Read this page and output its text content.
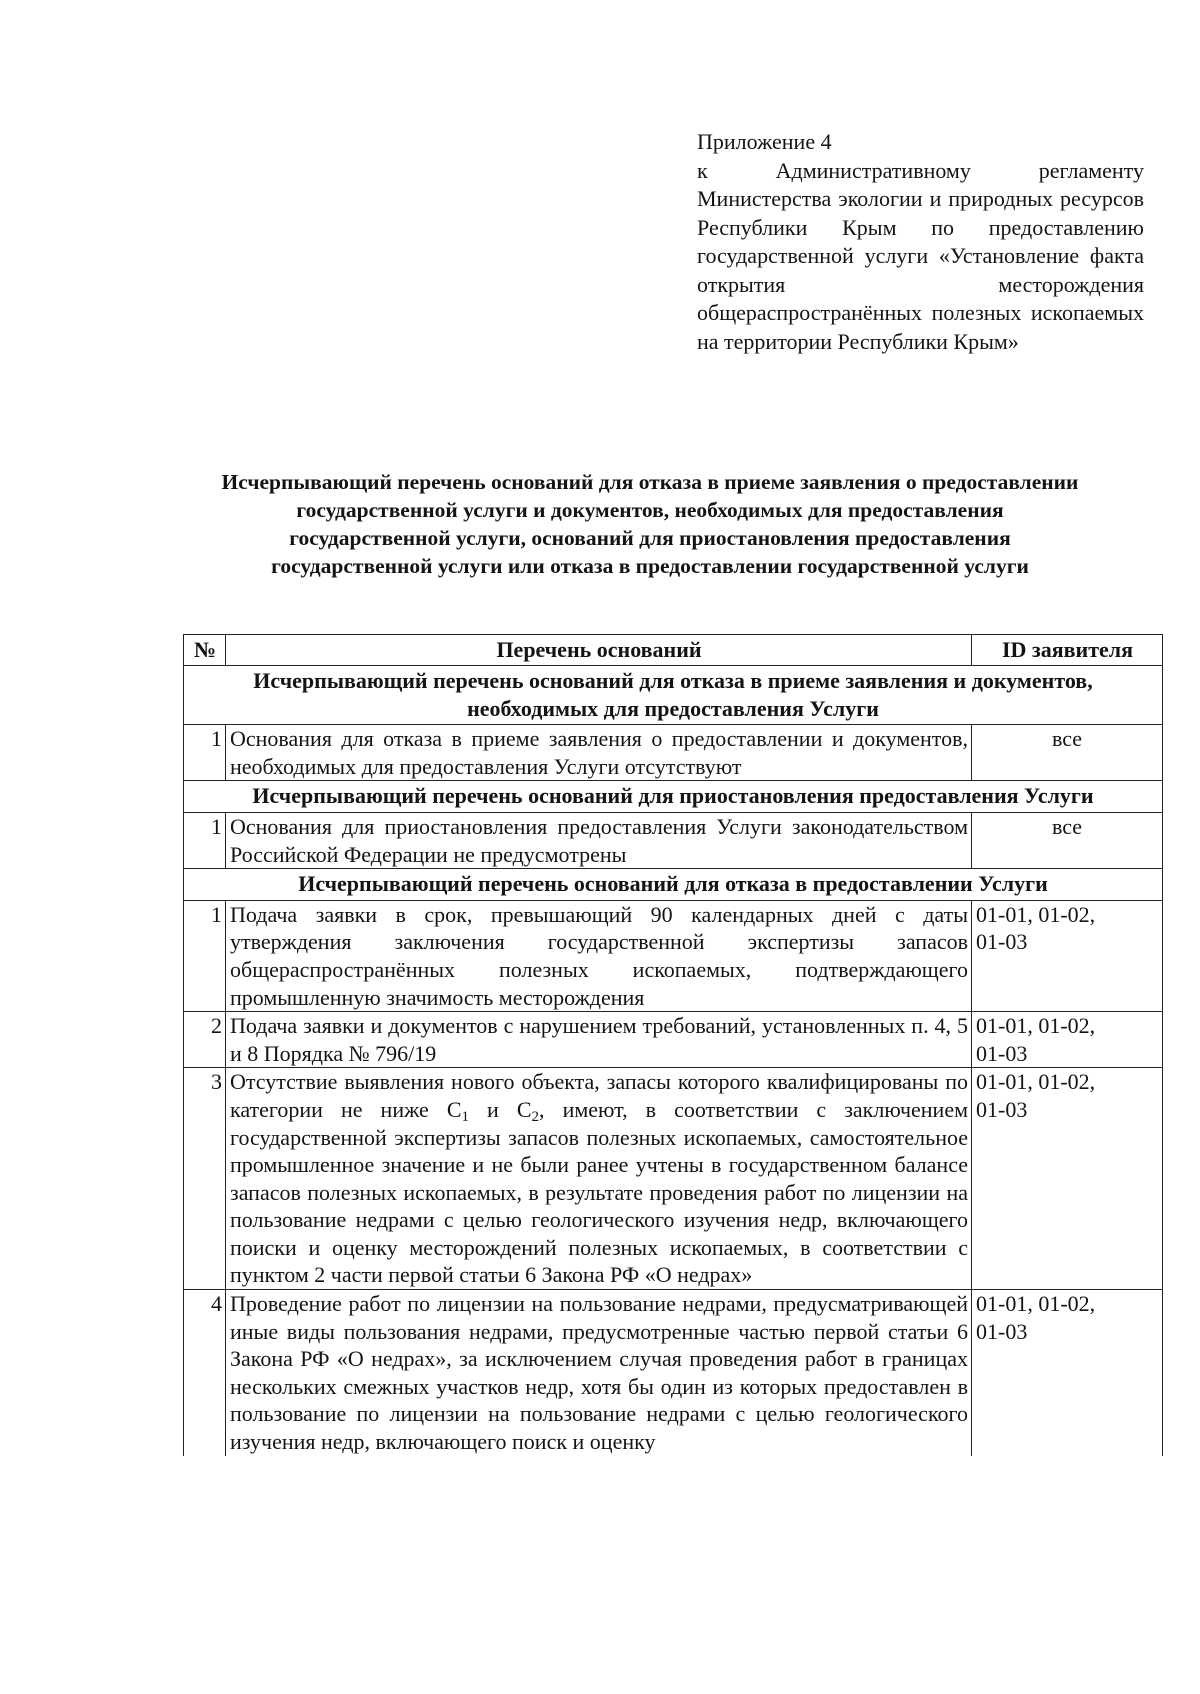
Приложение 4
к Административному регламенту Министерства экологии и природных ресурсов Республики Крым по предоставлению государственной услуги «Установление факта открытия месторождения общераспространённых полезных ископаемых на территории Республики Крым»
Исчерпывающий перечень оснований для отказа в приеме заявления о предоставлении
государственной услуги и документов, необходимых для предоставления
государственной услуги, оснований для приостановления предоставления
государственной услуги или отказа в предоставлении государственной услуги
№	Перечень оснований	ID заявителя

Исчерпывающий перечень оснований для отказа в приеме заявления и документов,
необходимых для предоставления Услуги		

1	Основания для отказа в приеме заявления о предоставлении и документов, необходимых для предоставления Услуги отсутствуют	все

Исчерпывающий перечень оснований для приостановления предоставления Услуги		

1	Основания для приостановления предоставления Услуги законодательством Российской Федерации не предусмотрены	все

Исчерпывающий перечень оснований для отказа в предоставлении Услуги		

1	Подача заявки в срок, превышающий 90 календарных дней с даты утверждения заключения государственной экспертизы запасов общераспространённых полезных ископаемых, подтверждающего промышленную значимость месторождения	01-01, 01-02,
01-03

2	Подача заявки и документов с нарушением требований, установленных п. 4, 5 и 8 Порядка № 796/19	01-01, 01-02,
01-03

3	Отсутствие выявления нового объекта, запасы которого квалифицированы по категории не ниже $С_1$ и $С_2$, имеют, в соответствии с заключением государственной экспертизы запасов полезных ископаемых, самостоятельное промышленное значение и не были ранее учтены в государственном балансе запасов полезных ископаемых, в результате проведения работ по лицензии на пользование недрами с целью геологического изучения недр, включающего поиски и оценку месторождений полезных ископаемых, в соответствии с пунктом 2 части первой статьи 6 Закона РФ «О недрах»	01-01, 01-02,
01-03

4	Проведение работ по лицензии на пользование недрами, предусматривающей иные виды пользования недрами, предусмотренные частью первой статьи 6 Закона РФ «О недрах», за исключением случая проведения работ в границах нескольких смежных участков недр, хотя бы один из которых предоставлен в пользование по лицензии на пользование недрами с целью геологического изучения недр, включающего поиск и оценку	01-01, 01-02,
01-03
